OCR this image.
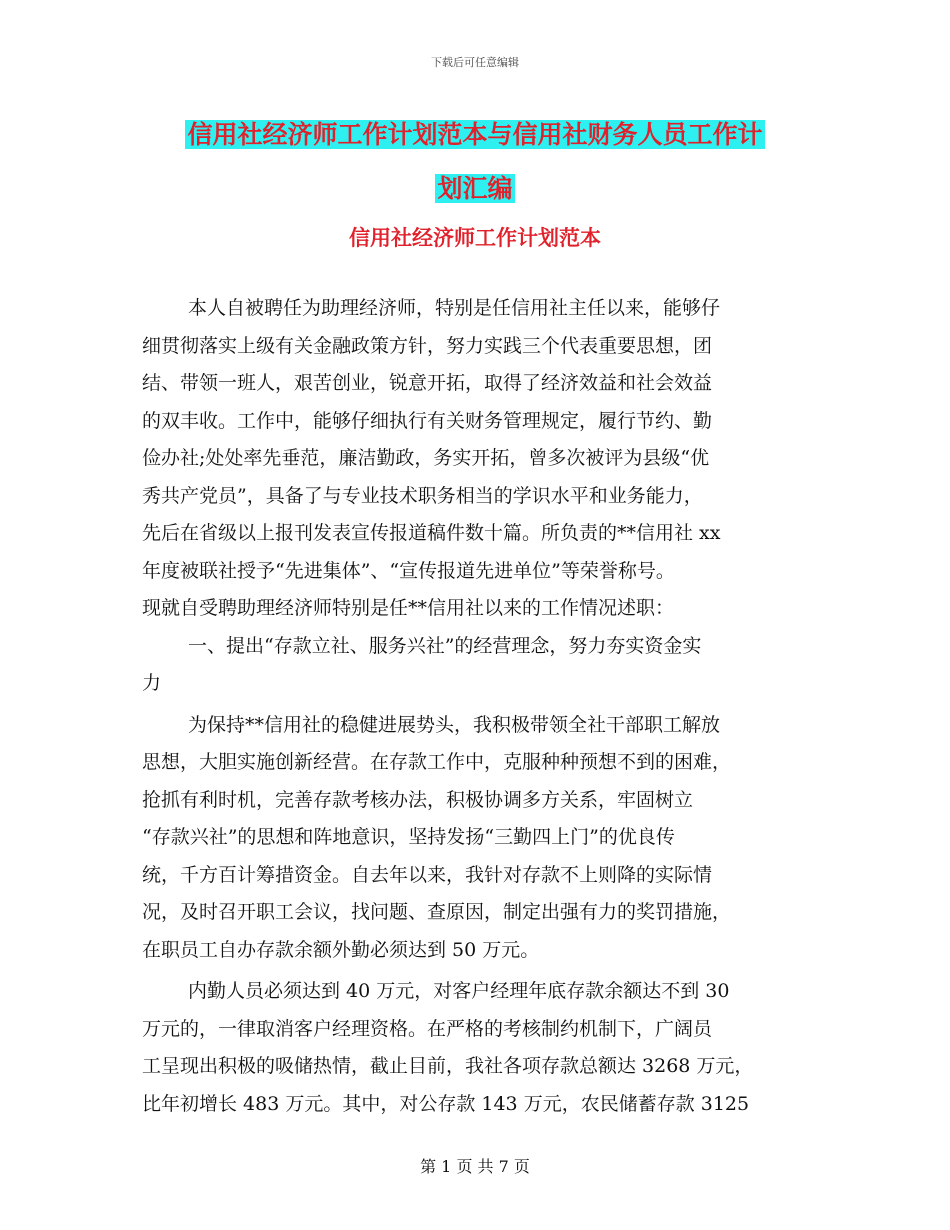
下载后可任意编辑
信用社经济师工作计划范本与信用社财务人员工作计
划汇编
信用社经济师工作计划范本
本人自被聘任为助理经济师，特别是任信用社主任以来，能够仔
细贯彻落实上级有关金融政策方针，努力实践三个代表重要思想，团
结、带领一班人，艰苦创业，锐意开拓，取得了经济效益和社会效益
的双丰收。工作中，能够仔细执行有关财务管理规定，履行节约、勤
俭办社;处处率先垂范，廉洁勤政，务实开拓，曾多次被评为县级“优
秀共产党员”，具备了与专业技术职务相当的学识水平和业务能力，
先后在省级以上报刊发表宣传报道稿件数十篇。所负责的**信用社 xx
年度被联社授予“先进集体”、“宣传报道先进单位”等荣誉称号。
现就自受聘助理经济师特别是任**信用社以来的工作情况述职：
一、提出“存款立社、服务兴社”的经营理念，努力夯实资金实
力
为保持**信用社的稳健进展势头，我积极带领全社干部职工解放
思想，大胆实施创新经营。在存款工作中，克服种种预想不到的困难，
抢抓有利时机，完善存款考核办法，积极协调多方关系，牢固树立
“存款兴社”的思想和阵地意识，坚持发扬“三勤四上门”的优良传
统，千方百计筹措资金。自去年以来，我针对存款不上则降的实际情
况，及时召开职工会议，找问题、查原因，制定出强有力的奖罚措施，
在职员工自办存款余额外勤必须达到 50 万元。
内勤人员必须达到 40 万元，对客户经理年底存款余额达不到 30
万元的，一律取消客户经理资格。在严格的考核制约机制下，广阔员
工呈现出积极的吸储热情，截止目前，我社各项存款总额达 3268 万元，
比年初增长 483 万元。其中，对公存款 143 万元，农民储蓄存款 3125
第 1 页 共 7 页
